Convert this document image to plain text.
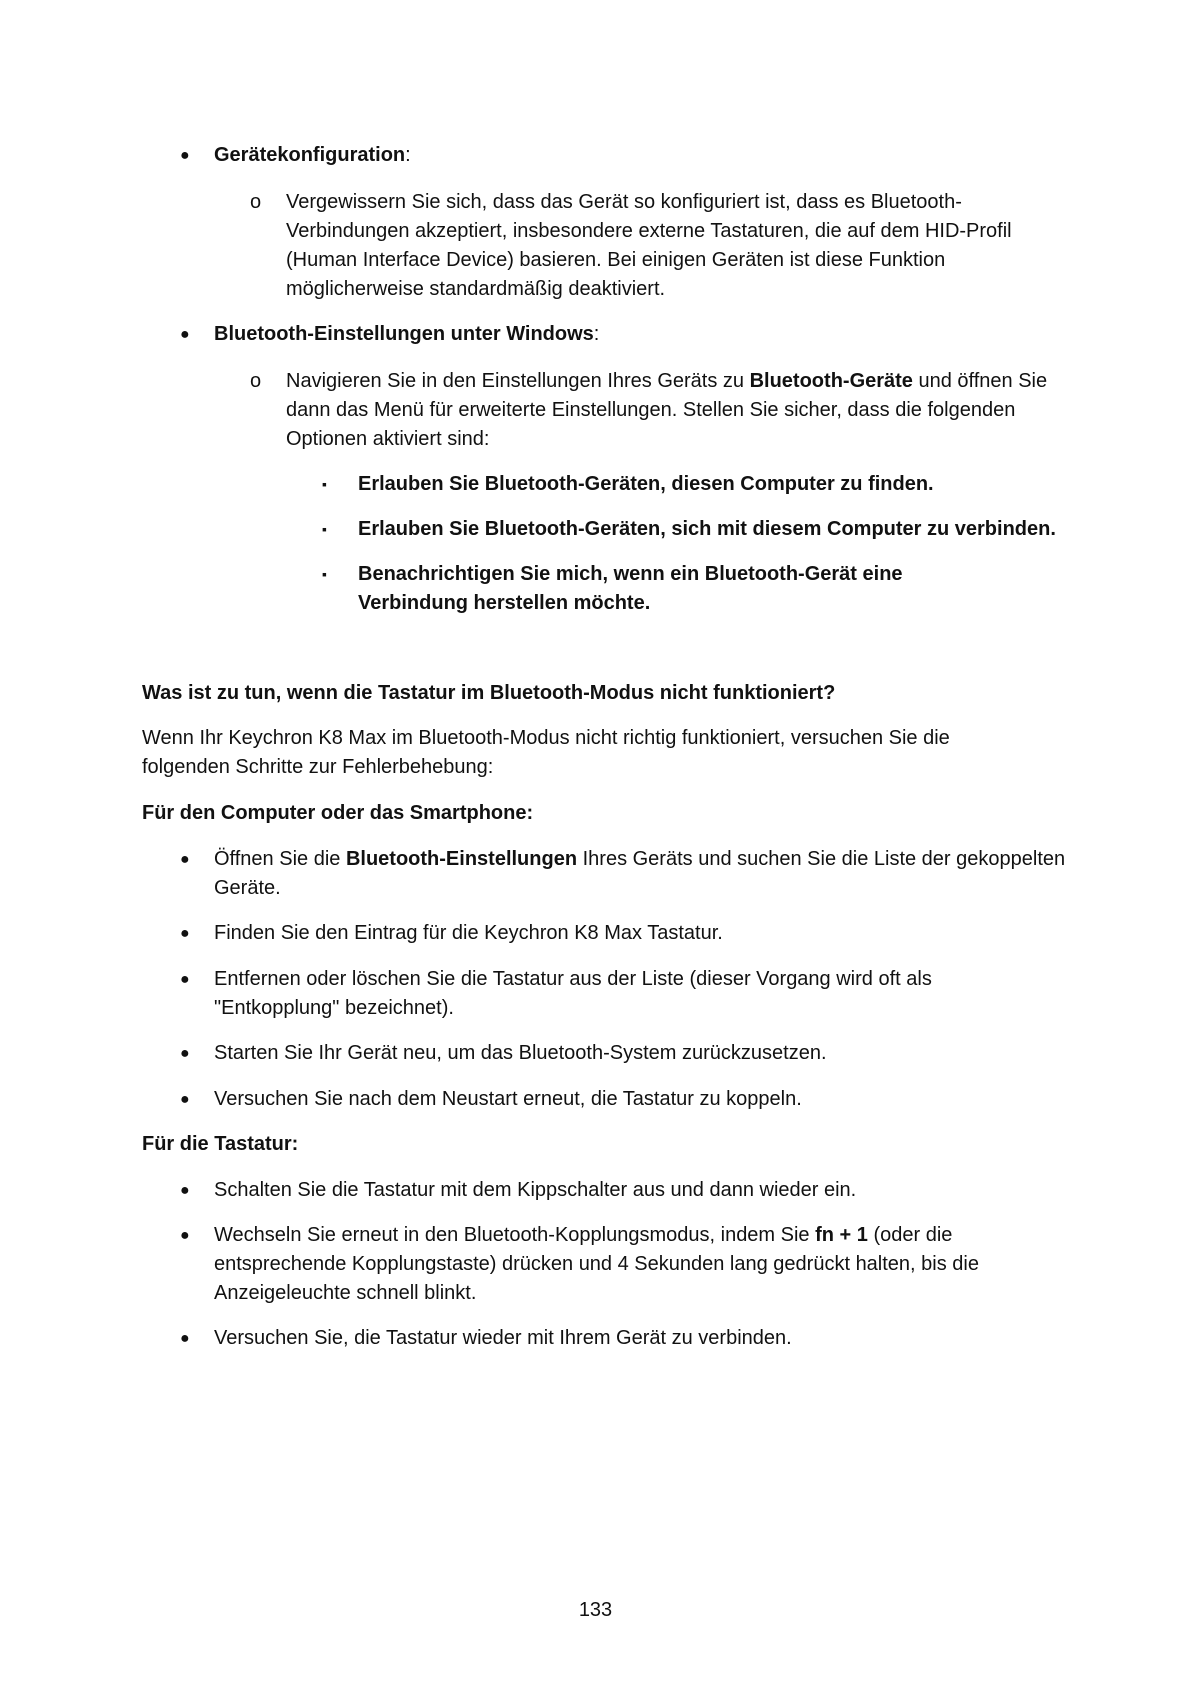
● Gerätekonfiguration:
o Vergewissern Sie sich, dass das Gerät so konfiguriert ist, dass es Bluetooth-Verbindungen akzeptiert, insbesondere externe Tastaturen, die auf dem HID-Profil (Human Interface Device) basieren. Bei einigen Geräten ist diese Funktion möglicherweise standardmäßig deaktiviert.
● Bluetooth-Einstellungen unter Windows:
o Navigieren Sie in den Einstellungen Ihres Geräts zu Bluetooth-Geräte und öffnen Sie dann das Menü für erweiterte Einstellungen. Stellen Sie sicher, dass die folgenden Optionen aktiviert sind:
▪ Erlauben Sie Bluetooth-Geräten, diesen Computer zu finden.
▪ Erlauben Sie Bluetooth-Geräten, sich mit diesem Computer zu verbinden.
▪ Benachrichtigen Sie mich, wenn ein Bluetooth-Gerät eine Verbindung herstellen möchte.
Was ist zu tun, wenn die Tastatur im Bluetooth-Modus nicht funktioniert?
Wenn Ihr Keychron K8 Max im Bluetooth-Modus nicht richtig funktioniert, versuchen Sie die folgenden Schritte zur Fehlerbehebung:
Für den Computer oder das Smartphone:
● Öffnen Sie die Bluetooth-Einstellungen Ihres Geräts und suchen Sie die Liste der gekoppelten Geräte.
● Finden Sie den Eintrag für die Keychron K8 Max Tastatur.
● Entfernen oder löschen Sie die Tastatur aus der Liste (dieser Vorgang wird oft als "Entkopplung" bezeichnet).
● Starten Sie Ihr Gerät neu, um das Bluetooth-System zurückzusetzen.
● Versuchen Sie nach dem Neustart erneut, die Tastatur zu koppeln.
Für die Tastatur:
● Schalten Sie die Tastatur mit dem Kippschalter aus und dann wieder ein.
● Wechseln Sie erneut in den Bluetooth-Kopplungsmodus, indem Sie fn + 1 (oder die entsprechende Kopplungstaste) drücken und 4 Sekunden lang gedrückt halten, bis die Anzeigeleuchte schnell blinkt.
● Versuchen Sie, die Tastatur wieder mit Ihrem Gerät zu verbinden.
133
